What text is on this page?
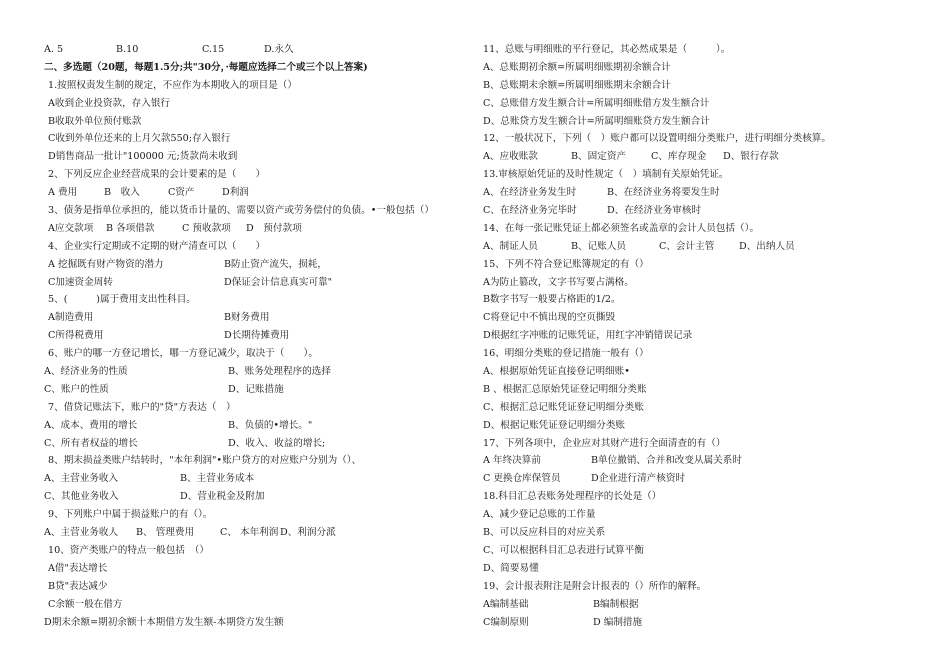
A. 5	B.10	C.15	D.永久
二、多选题（20题，每题1.5分;共"30分，·每题应选择二个或三个以上答案)
1.按照权责发生制的规定，不应作为本期收入的项目是（）
A收到企业投资款，存入银行
B收取外单位预付账款
C收到外单位还来的上月欠款550;存入银行
D销售商品一批计"100000 元;货款尚未收到
2、下列反应企业经营成果的会计要素的是（　　）
A 费用	B　收入	C资产	D利润
3、债务是指单位承担的，能以货币计量的、需要以资产或劳务偿付的负债。•一般包括（）
A应交款项 B 各项借款	C 预收款项 D　预付款项
4、企业实行定期或不定期的财产清查可以（　　）
A 挖掘既有财产物资的潜力	B防止资产流失，损耗，
C加速资金周转	D保证会计信息真实可靠"
5、(　　　)属于费用支出性科目。
A制造费用	B财务费用
C所得税费用	D长期待摊费用
6、账户的哪一方登记增长，哪一方登记减少，取决于（　　）。
A、经济业务的性质	B、账务处理程序的选择
C、账户的性质	D、记账措施
7、借贷记账法下，账户的"贷"方表达（　）
A、成本、费用的增长	B、负债的•增长。"
C、所有者权益的增长	D、收入、收益的增长;
8、期末损益类账户结转时，"本年利润"•账户贷方的对应账户分别为（）、
A、主营业务收入	B、主营业务成本
C、其他业务收入	D、营业税金及附加
9、下列账户中属于损益账户的有（）。
A、主营业务收人 B、 管理费用	C、 本年利润 D、利润分派
10、资产类账户的特点一般包括　（）
A借"表达增长
B贷"表达减少
C余额一般在借方
D期末余额=期初余额十本期借方发生额-本期贷方发生额
11、总账与明细账的平行登记，其必然成果是（　　　）。
A、总账期初余额=所属明细账期初余额合计
B、总账期末余额=所属明细账期末余额合计
C、总账借方发生额合计=所属明细账借方发生额合计
D、总账贷方发生额合计=所属明细账贷方发生额合计
12、一般状况下，下列（　）账户都可以设置明细分类账户，进行明细分类核算。
A、应收账款	B、固定资产	C、库存现金 D、银行存款
13.审核原始凭证的及时性规定（　）填制有关原始凭证。
A、在经济业务发生时	B、在经济业务将要发生时
C、在经济业务完毕时	D、在经济业务审核时
14、在每一张记账凭证上都必须签名或盖章的会计人员包括（）。
A、制证人员	B、记账人员	C、会计主管	D、出纳人员
15、下列不符合登记账簿规定的有（）
A为防止篡改，文字书写要占满格。
B数字书写一般要占格距的1/2。
C将登记中不慎出现的空页撕毁
D根据红字冲账的记账凭证，用红字冲销错误记录
16、明细分类账的登记措施一般有（）
A、根据原始凭证直接登记明细账•
B 、根据汇总原始凭证登记明细分类账
C、根据汇总记账凭证登记明细分类账
D、根据记账凭证登记明细分类账
17、下列各项中，企业应对其财产进行全面清查的有（）
A 年终决算前	B单位撤销、合并和改变从属关系时
C 更换仓库保管员	D企业进行清产核资时
18.科目汇总表账务处理程序的长处是（）
A、减少登记总账的工作量
B、可以反应科目的对应关系
C、可以根据科目汇总表进行试算平衡
D、简要易懂
19、会计报表附注是附会计报表的（）所作的解释。
A编制基础	B编制根据
C编制原则	D 编制措施
